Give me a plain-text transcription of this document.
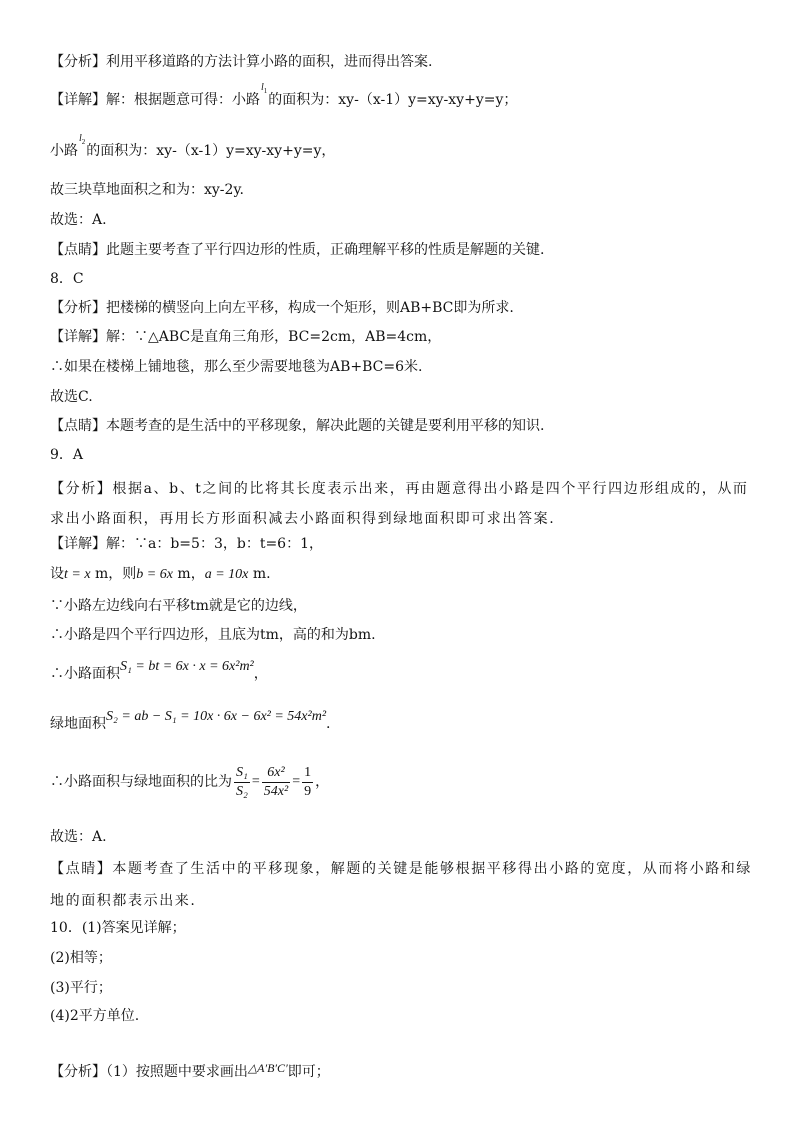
【分析】利用平移道路的方法计算小路的面积，进而得出答案.
【详解】解：根据题意可得：小路$l_1$的面积为：xy-（x-1）y=xy-xy+y=y；
小路$l_2$的面积为：xy-（x-1）y=xy-xy+y=y，
故三块草地面积之和为：xy-2y.
故选：A.
【点睛】此题主要考查了平行四边形的性质，正确理解平移的性质是解题的关键.
8．C
【分析】把楼梯的横竖向上向左平移，构成一个矩形，则AB+BC即为所求.
【详解】解：∵△ABC是直角三角形，BC=2cm，AB=4cm，
∴如果在楼梯上铺地毯，那么至少需要地毯为AB+BC=6米.
故选C.
【点睛】本题考查的是生活中的平移现象，解决此题的关键是要利用平移的知识.
9．A
【分析】根据a、b、t之间的比将其长度表示出来，再由题意得出小路是四个平行四边形组成的，从而求出小路面积，再用长方形面积减去小路面积得到绿地面积即可求出答案.
【详解】解：∵a：b=5：3，b：t=6：1，
设t = x m，则b = 6x m，a = 10x m.
∵小路左边线向右平移tm就是它的边线，
∴小路是四个平行四边形，且底为tm，高的和为bm.
∴小路面积S₁ = bt = 6x · x = 6x²m²，
绿地面积S₂ = ab − S₁ = 10x · 6x − 6x² = 54x²m².
∴小路面积与绿地面积的比为 $\frac{\text{S₁}}{\text{S₂}} = \frac{\text{6x²}}{\text{54x²}} = \frac{1}{9}$ ，
故选：A.
【点睛】本题考查了生活中的平移现象，解题的关键是能够根据平移得出小路的宽度，从而将小路和绿地的面积都表示出来.
10．(1)答案见详解；
(2)相等；
(3)平行；
(4)2平方单位.
【分析】（1）按照题中要求画出△A′B′C′即可；
